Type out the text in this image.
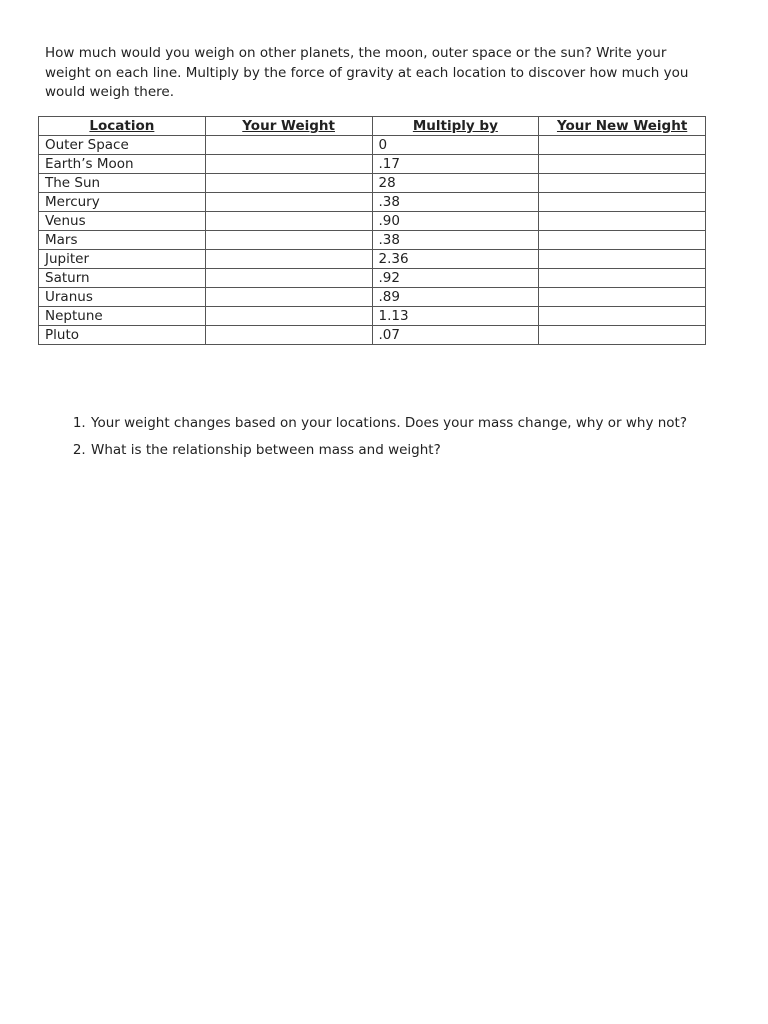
How much would you weigh on other planets, the moon, outer space or the sun? Write your weight on each line. Multiply by the force of gravity at each location to discover how much you would weigh there.

Location	Your Weight	Multiply by	Your New Weight
Outer Space		0	
Earth’s Moon		.17	
The Sun		28	
Mercury		.38	
Venus		.90	
Mars		.38	
Jupiter		2.36	
Saturn		.92	
Uranus		.89	
Neptune		1.13	
Pluto		.07	
1. Your weight changes based on your locations. Does your mass change, why or why not?
2. What is the relationship between mass and weight?
